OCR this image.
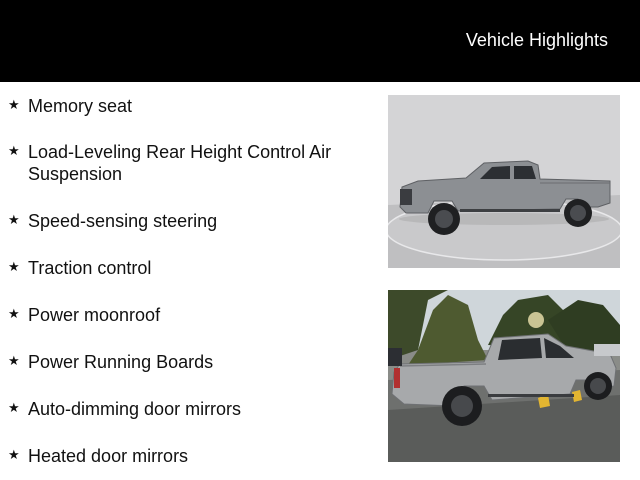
Vehicle Highlights
★ Memory seat
★ Load-Leveling Rear Height Control Air Suspension
★ Speed-sensing steering
★ Traction control
★ Power moonroof
★ Power Running Boards
★ Auto-dimming door mirrors
★ Heated door mirrors
